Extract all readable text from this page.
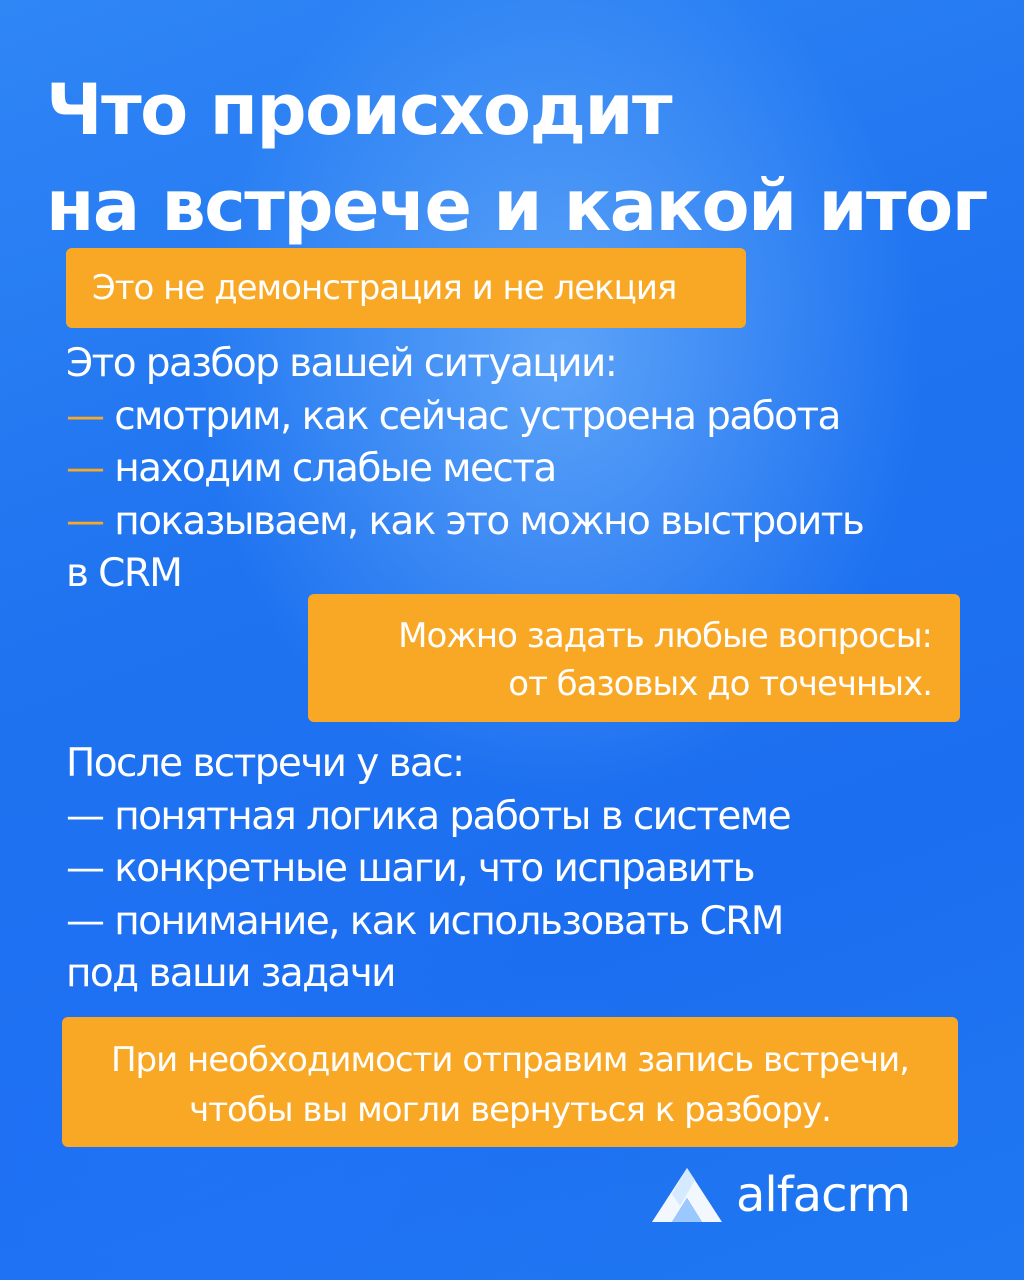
Что происходит
на встрече и какой итог
Это не демонстрация и не лекция
Это разбор вашей ситуации:
— смотрим, как сейчас устроена работа
— находим слабые места
— показываем, как это можно выстроить
в CRM
Можно задать любые вопросы:
от базовых до точечных.
После встречи у вас:
— понятная логика работы в системе
— конкретные шаги, что исправить
— понимание, как использовать CRM
под ваши задачи
При необходимости отправим запись встречи,
чтобы вы могли вернуться к разбору.
alfacrm
